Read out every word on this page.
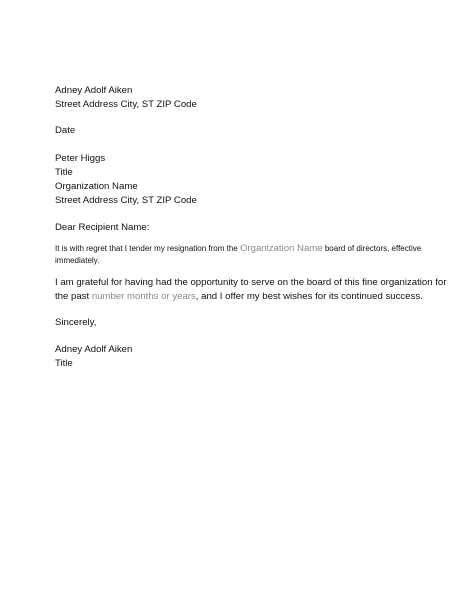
Adney Adolf Aiken
Street Address City, ST ZIP Code
Date
Peter Higgs
Title
Organization Name
Street Address City, ST ZIP Code
Dear Recipient Name:
It is with regret that I tender my resignation from the Organization Name board of directors, effective
immediately.
I am grateful for having had the opportunity to serve on the board of this fine organization for
the past number months or years, and I offer my best wishes for its continued success.
Sincerely,
Adney Adolf Aiken
Title
